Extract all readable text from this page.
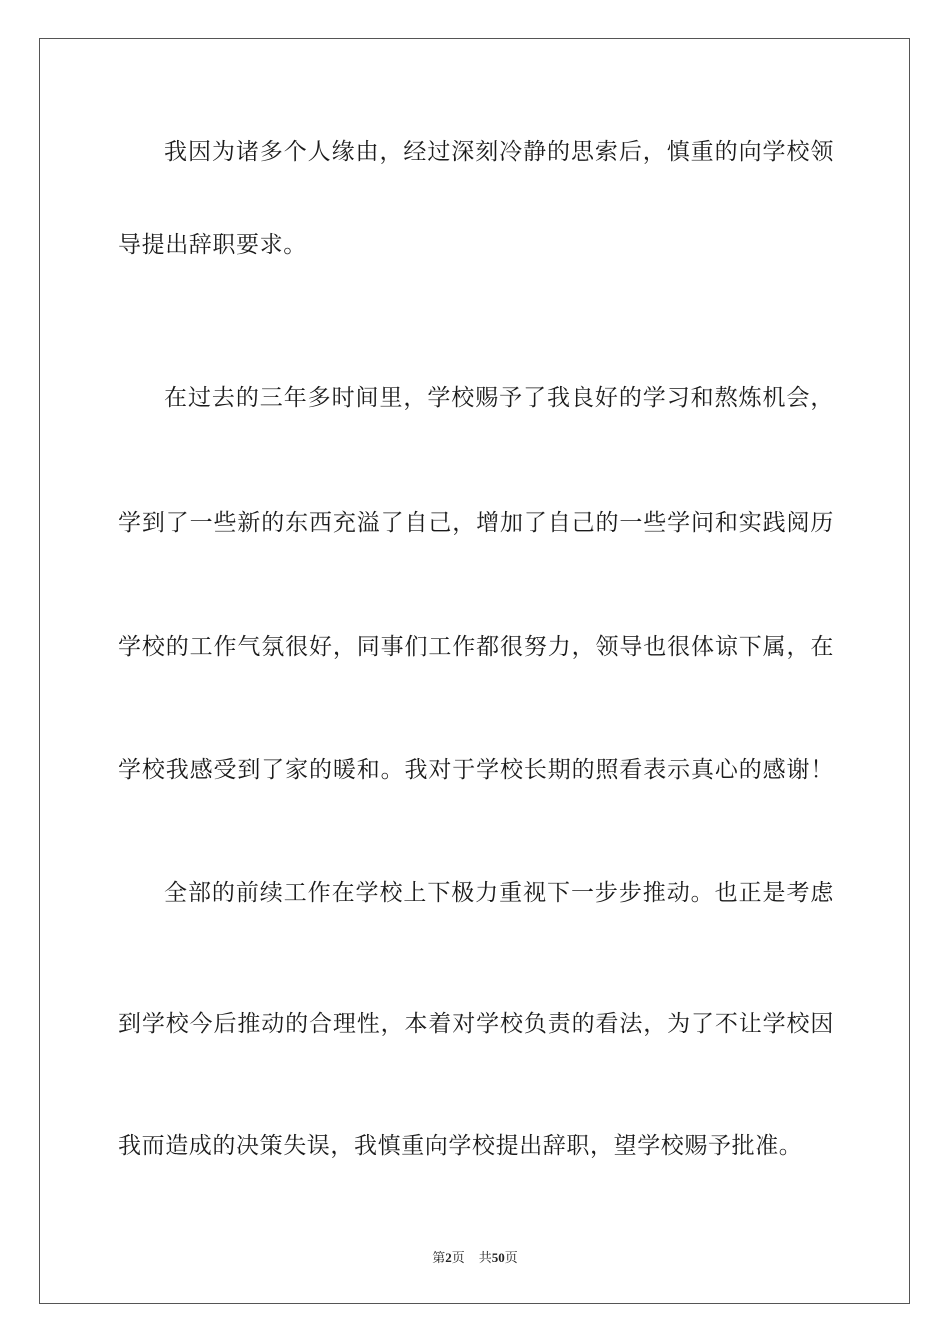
我因为诸多个人缘由，经过深刻冷静的思索后，慎重的向学校领
导提出辞职要求。
在过去的三年多时间里，学校赐予了我良好的学习和熬炼机会，
学到了一些新的东西充溢了自己，增加了自己的一些学问和实践阅历
学校的工作气氛很好，同事们工作都很努力，领导也很体谅下属，在
学校我感受到了家的暖和。我对于学校长期的照看表示真心的感谢！
全部的前续工作在学校上下极力重视下一步步推动。也正是考虑
到学校今后推动的合理性，本着对学校负责的看法，为了不让学校因
我而造成的决策失误，我慎重向学校提出辞职，望学校赐予批准。
第2页 共50页
